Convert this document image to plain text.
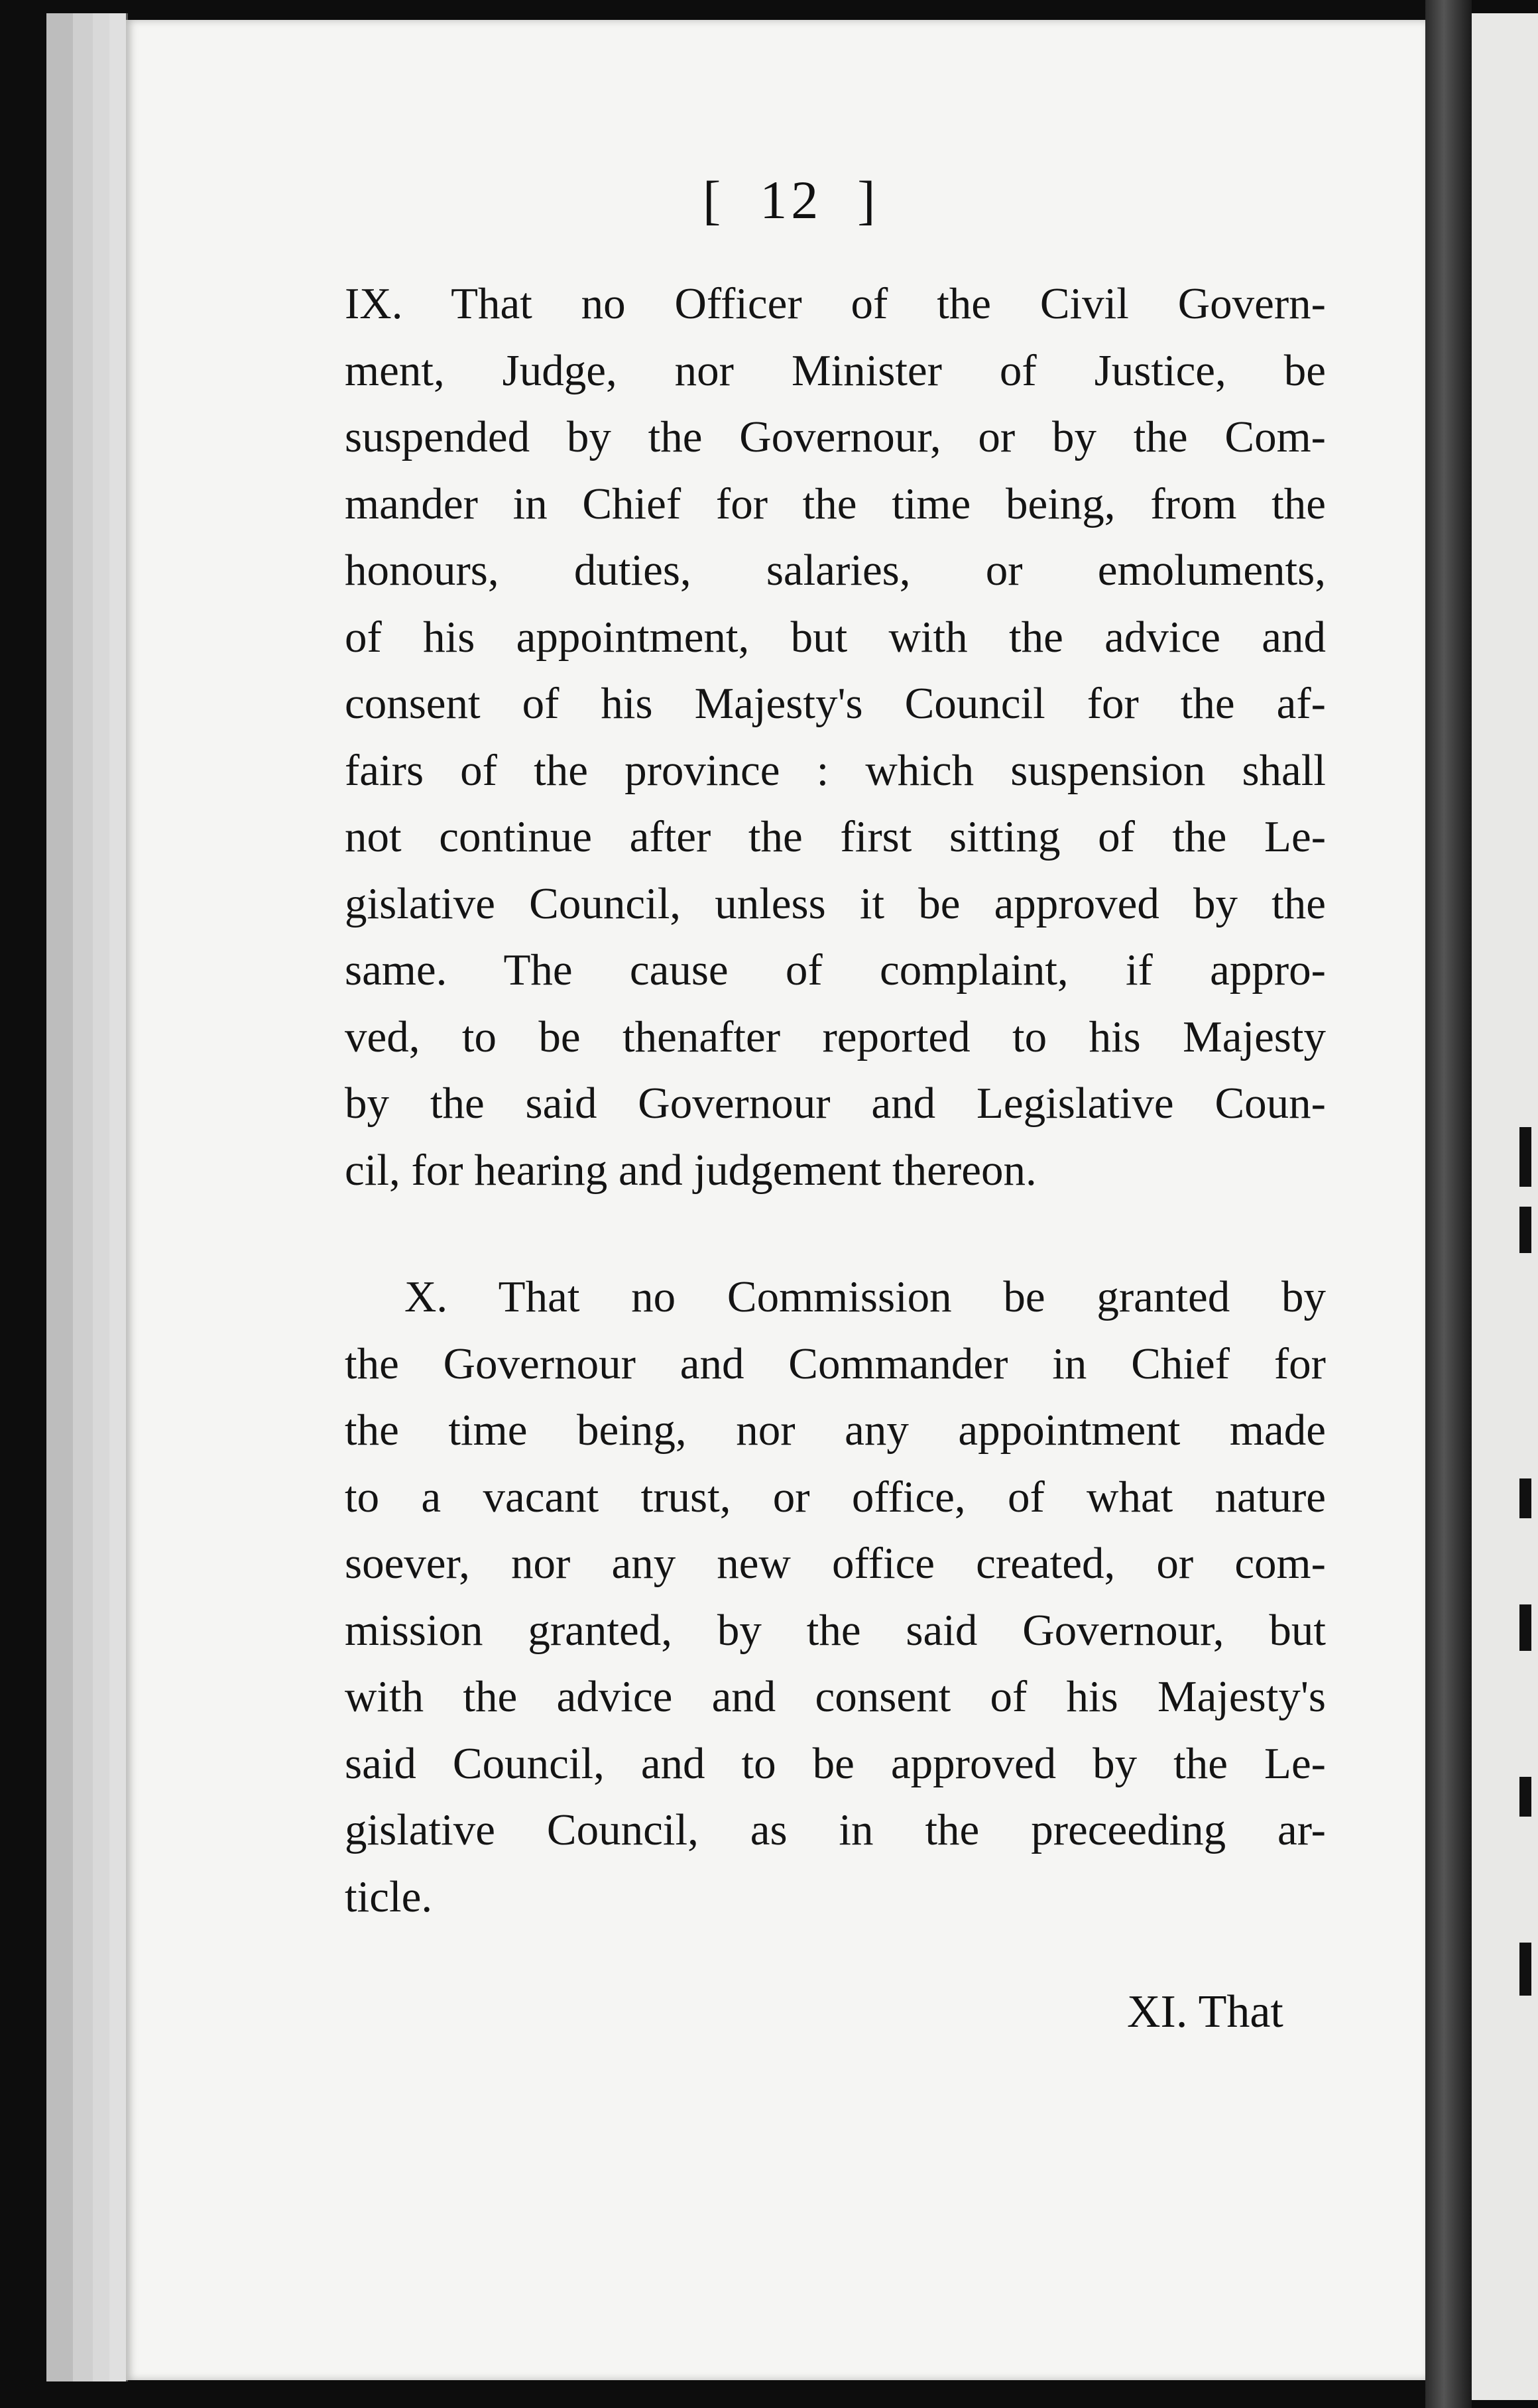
[  12  ]
IX. That no Officer of the Civil Govern-
ment, Judge, nor Minister of Justice, be
suspended by the Governour, or by the Com-
mander in Chief for the time being, from the
honours, duties, salaries, or emoluments,
of his appointment, but with the advice and
consent of his Majesty's Council for the af-
fairs of the province : which suspension shall
not continue after the first sitting of the Le-
gislative Council, unless it be approved by the
same. The cause of complaint, if appro-
ved, to be thenafter reported to his Majesty
by the said Governour and Legislative Coun-
cil, for hearing and judgement thereon.
X. That no Commission be granted by
the Governour and Commander in Chief for
the time being, nor any appointment made
to a vacant trust, or office, of what nature
soever, nor any new office created, or com-
mission granted, by the said Governour, but
with the advice and consent of his Majesty's
said Council, and to be approved by the Le-
gislative Council, as in the preceeding ar-
ticle.
XI. That
